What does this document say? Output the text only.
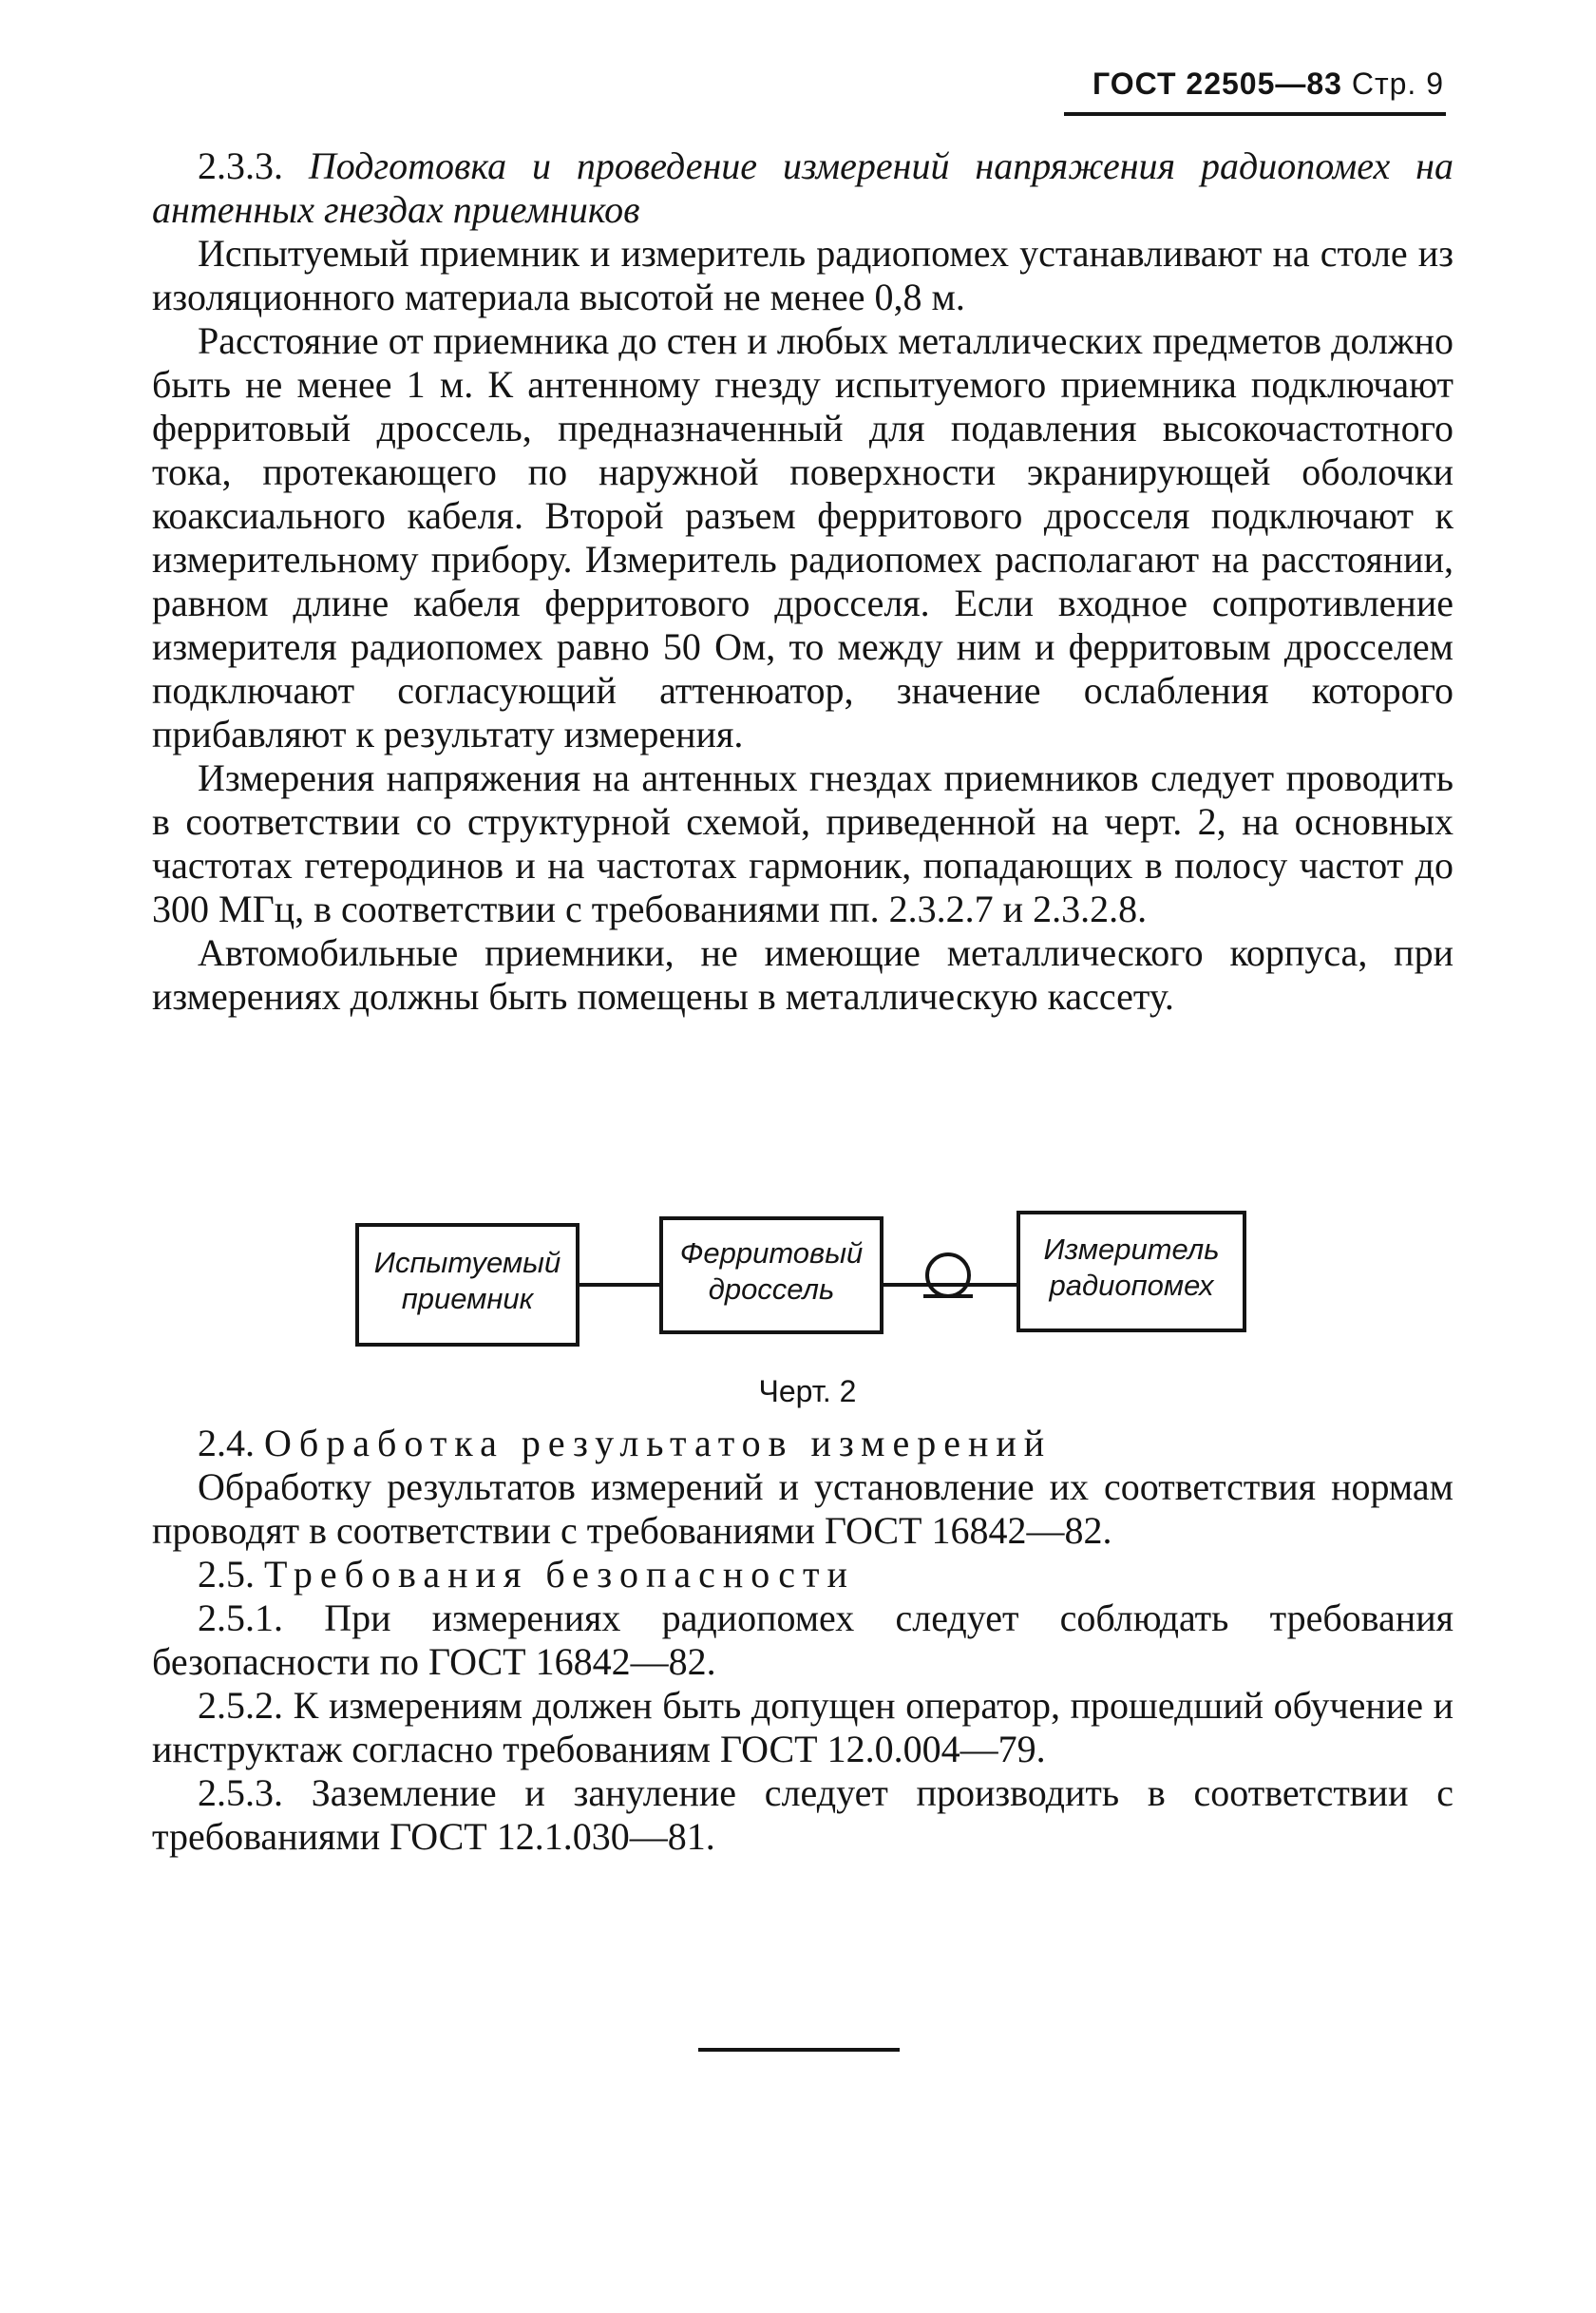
ГОСТ 22505—83 Стр. 9

2.3.3. Подготовка и проведение измерений напряжения радиопомех на антенных гнездах приемников

Испытуемый приемник и измеритель радиопомех устанавливают на столе из изоляционного материала высотой не менее 0,8 м.

Расстояние от приемника до стен и любых металлических предметов должно быть не менее 1 м. К антенному гнезду испытуемого приемника подключают ферритовый дроссель, предназначенный для подавления высокочастотного тока, протекающего по наружной поверхности экранирующей оболочки коаксиального кабеля. Второй разъем ферритового дросселя подключают к измерительному прибору. Измеритель радиопомех располагают на расстоянии, равном длине кабеля ферритового дросселя. Если входное сопротивление измерителя радиопомех равно 50 Ом, то между ним и ферритовым дросселем подключают согласующий аттенюатор, значение ослабления которого прибавляют к результату измерения.

Измерения напряжения на антенных гнездах приемников следует проводить в соответствии со структурной схемой, приведенной на черт. 2, на основных частотах гетеродинов и на частотах гармоник, попадающих в полосу частот до 300 МГц, в соответствии с требованиями пп. 2.3.2.7 и 2.3.2.8.

Автомобильные приемники, не имеющие металлического корпуса, при измерениях должны быть помещены в металлическую кассету.

Испытуемый приемник
Ферритовый дроссель
Измеритель радиопомех
Черт. 2

2.4. Обработка результатов измерений

Обработку результатов измерений и установление их соответствия нормам проводят в соответствии с требованиями ГОСТ 16842—82.

2.5. Требования безопасности

2.5.1. При измерениях радиопомех следует соблюдать требования безопасности по ГОСТ 16842—82.

2.5.2. К измерениям должен быть допущен оператор, прошедший обучение и инструктаж согласно требованиям ГОСТ 12.0.004—79.

2.5.3. Заземление и зануление следует производить в соответствии с требованиями ГОСТ 12.1.030—81.
